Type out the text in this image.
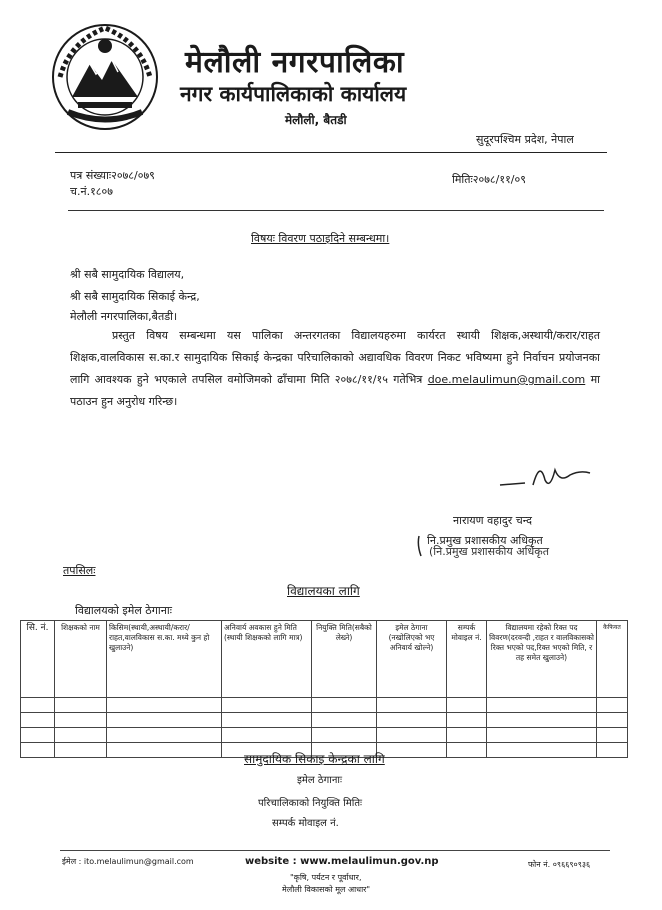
मेलौली नगरपालिका
नगर कार्यपालिकाको कार्यालय
मेलौली, बैतडी
सुदूरपश्चिम प्रदेश, नेपाल
पत्र संख्याः२०७८/०७९
च.नं.१८०७
मितिः२०७८/११/०९
विषयः विवरण पठाइदिने सम्बन्धमा।
श्री सबै सामुदायिक विद्यालय,
श्री सबै सामुदायिक सिकाई केन्द्र,
मेलौली नगरपालिका,बैतडी।
प्रस्तुत विषय सम्बन्धमा यस पालिका अन्तरगतका विद्यालयहरुमा कार्यरत स्थायी शिक्षक,अस्थायी/करार/राहत शिक्षक,वालविकास स.का.र सामुदायिक सिकाई केन्द्रका परिचालिकाको अद्यावधिक विवरण निकट भविष्यमा हुने निर्वाचन प्रयोजनका लागि आवश्यक हुने भएकाले तपसिल वमोजिमको ढाँचामा मिति २०७८/११/१५ गतेभित्र doe.melaulimun@gmail.com मा पठाउन हुन अनुरोध गरिन्छ।
नारायण वहादुर चन्द
नि.प्रमुख प्रशासकीय अधिकृत
(नि.प्रमुख प्रशासकीय अधिकृत
तपसिलः
विद्यालयका लागि
विद्यालयको इमेल ठेगानाः
सि. नं.	शिक्षकको नाम	किसिम(स्थायी,अस्थायी/करार/राहत,वालविकास स.का. मध्ये कुन हो खुलाउने)	अनिवार्य अवकास हुने मिति (स्थायी शिक्षकको लागि मात्र)	नियुक्ति मिति(सबैको लेख्ने)	इमेल ठेगाना (नखोलिएको भए अनिवार्य खोल्ने)	सम्पर्क मोवाइल नं.	विद्यालयमा रहेको रिक्त पद विवरण(दरवन्दी ,राहत र वालविकासको रिक्त भएको पद,रिक्त भएको मिति, र तह समेत खुलाउने)	कैफियत

सामुदायिक सिकाइ केन्द्रका लागि
इमेल ठेगानाः
परिचालिकाको नियुक्ति मितिः
सम्पर्क मोवाइल नं.
ईमेल : ito.melaulimun@gmail.com	website : www.melaulimun.gov.np	फोन नं. ०९६६९०९३६
"कृषि, पर्यटन र पूर्वाधार,
मेलौली विकासको मूल आधार"
